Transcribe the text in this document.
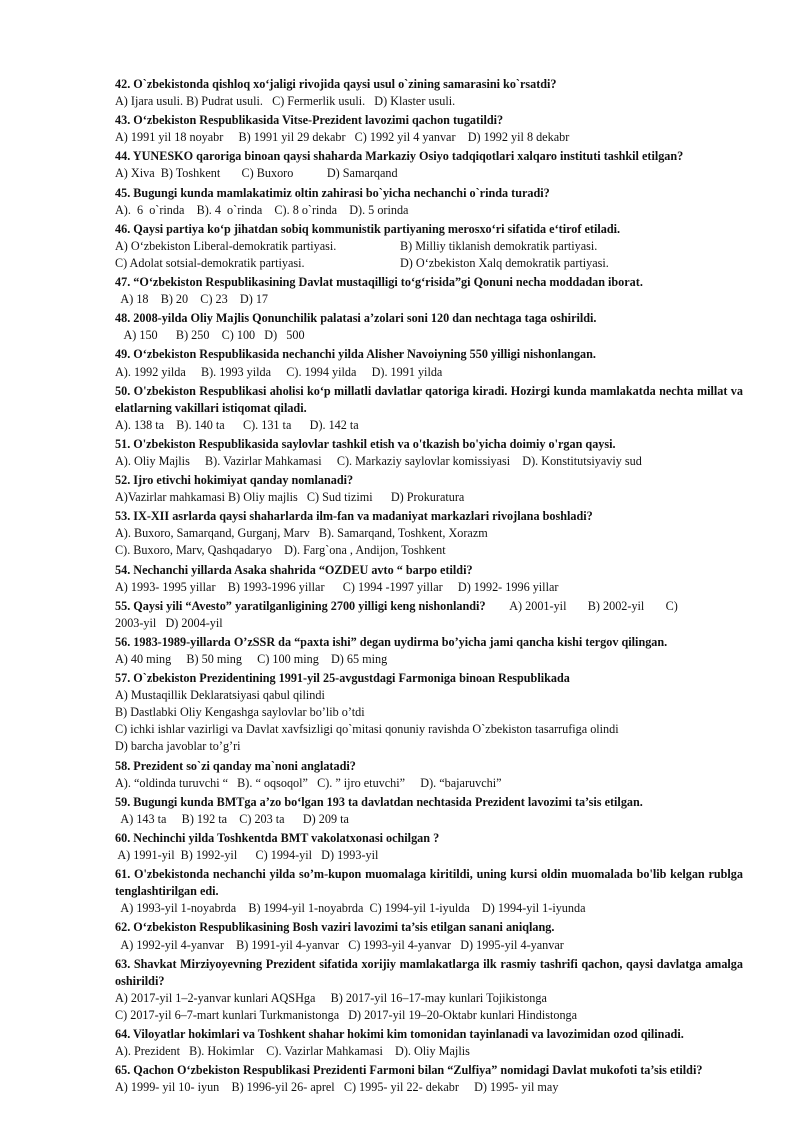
42. O`zbekistonda qishloq xo‘jaligi rivojida qaysi usul o`zining samarasini ko`rsatdi?

A) Ijara usuli. B) Pudrat usuli.   C) Fermerlik usuli.   D) Klaster usuli.

43. O‘zbekiston Respublikasida Vitse-Prezident lavozimi qachon tugatildi?

A) 1991 yil 18 noyabr     B) 1991 yil 29 dekabr   C) 1992 yil 4 yanvar    D) 1992 yil 8 dekabr

44. YUNESKO qaroriga binoan qaysi shaharda Markaziy Osiyo tadqiqotlari xalqaro instituti tashkil etilgan?

A) Xiva  B) Toshkent       C) Buxoro           D) Samarqand

45. Bugungi kunda mamlakatimiz oltin zahirasi bo`yicha nechanchi o`rinda turadi?

A).  6  o`rinda    B). 4  o`rinda    C). 8 o`rinda    D). 5 orinda

46. Qaysi partiya ko‘p jihatdan sobiq kommunistik partiyaning merosxo‘ri sifatida e‘tirof etiladi.

A) O‘zbekiston Liberal-demokratik partiyasi.	B) Milliy tiklanish demokratik partiyasi.
C) Adolat sotsial-demokratik partiyasi.	D) O‘zbekiston Xalq demokratik partiyasi.

47. “O‘zbekiston Respublikasining Davlat mustaqilligi to‘g‘risida”gi Qonuni necha moddadan iborat.

A) 18    B) 20    C) 23    D) 17

48. 2008-yilda Oliy Majlis Qonunchilik palatasi a’zolari soni 120 dan nechtaga taga oshirildi.

A) 150      B) 250    C) 100   D)   500

49. O‘zbekiston Respublikasida nechanchi yilda Alisher Navoiyning 550 yilligi nishonlangan.

A). 1992 yilda     B). 1993 yilda     C). 1994 yilda     D). 1991 yilda

50. O'zbekiston Respublikasi aholisi ko‘p millatli davlatlar qatoriga kiradi. Hozirgi kunda mamlakatda nechta millat va elatlarning vakillari istiqomat qiladi.

A). 138 ta    B). 140 ta      C). 131 ta      D). 142 ta

51. O'zbekiston Respublikasida saylovlar tashkil etish va o'tkazish bo'yicha doimiy o'rgan qaysi.

A). Oliy Majlis     B). Vazirlar Mahkamasi     C). Markaziy saylovlar komissiyasi    D). Konstitutsiyaviy sud

52. Ijro etivchi hokimiyat qanday nomlanadi?

A)Vazirlar mahkamasi B) Oliy majlis   C) Sud tizimi      D) Prokuratura

53. IX-XII asrlarda qaysi shaharlarda ilm-fan va madaniyat markazlari rivojlana boshladi?

A). Buxoro, Samarqand, Gurganj, Marv   B). Samarqand, Toshkent, Xorazm

C). Buxoro, Marv, Qashqadaryo    D). Farg`ona , Andijon, Toshkent

54. Nechanchi yillarda Asaka shahrida “OZDEU avto “ barpo etildi?

A) 1993- 1995 yillar    B) 1993-1996 yillar      C) 1994 -1997 yillar     D) 1992- 1996 yillar

55. Qaysi yili “Avesto” yaratilganligining 2700 yilligi keng nishonlandi?        A) 2001-yil       B) 2002-yil       C)

2003-yil   D) 2004-yil

56. 1983-1989-yillarda O’zSSR da “paxta ishi” degan uydirma bo’yicha jami qancha kishi tergov qilingan.

A) 40 ming     B) 50 ming     C) 100 ming    D) 65 ming

57. O`zbekiston Prezidentining 1991-yil 25-avgustdagi Farmoniga binoan Respublikada

A) Mustaqillik Deklaratsiyasi qabul qilindi

B) Dastlabki Oliy Kengashga saylovlar bo’lib o’tdi

C) ichki ishlar vazirligi va Davlat xavfsizligi qo`mitasi qonuniy ravishda O`zbekiston tasarrufiga olindi

D) barcha javoblar to’g’ri

58. Prezident so`zi qanday ma`noni anglatadi?

A). “oldinda turuvchi “   B). “ oqsoqol”   C). ” ijro etuvchi”     D). “bajaruvchi”

59. Bugungi kunda BMTga a’zo bo‘lgan 193 ta davlatdan nechtasida Prezident lavozimi ta’sis etilgan.

A) 143 ta     B) 192 ta    C) 203 ta      D) 209 ta

60. Nechinchi yilda Toshkentda BMT vakolatxonasi ochilgan ?

A) 1991-yil  B) 1992-yil      C) 1994-yil   D) 1993-yil

61. O'zbekistonda nechanchi yilda so’m-kupon muomalaga kiritildi, uning kursi oldin muomalada bo'lib kelgan rublga tenglashtirilgan edi.

A) 1993-yil 1-noyabrda    B) 1994-yil 1-noyabrda  C) 1994-yil 1-iyulda    D) 1994-yil 1-iyunda

62. O‘zbekiston Respublikasining Bosh vaziri lavozimi ta’sis etilgan sanani aniqlang.

A) 1992-yil 4-yanvar    B) 1991-yil 4-yanvar   C) 1993-yil 4-yanvar   D) 1995-yil 4-yanvar

63. Shavkat Mirziyoyevning Prezident sifatida xorijiy mamlakatlarga ilk rasmiy tashrifi qachon, qaysi davlatga amalga oshirildi?

A) 2017-yil 1–2-yanvar kunlari AQSHga     B) 2017-yil 16–17-may kunlari Tojikistonga

C) 2017-yil 6–7-mart kunlari Turkmanistonga   D) 2017-yil 19–20-Oktabr kunlari Hindistonga

64. Viloyatlar hokimlari va Toshkent shahar hokimi kim tomonidan tayinlanadi va lavozimidan ozod qilinadi.

A). Prezident   B). Hokimlar    C). Vazirlar Mahkamasi    D). Oliy Majlis

65. Qachon O‘zbekiston Respublikasi Prezidenti Farmoni bilan “Zulfiya” nomidagi Davlat mukofoti ta’sis etildi?

A) 1999- yil 10- iyun    B) 1996-yil 26- aprel   C) 1995- yil 22- dekabr     D) 1995- yil may
